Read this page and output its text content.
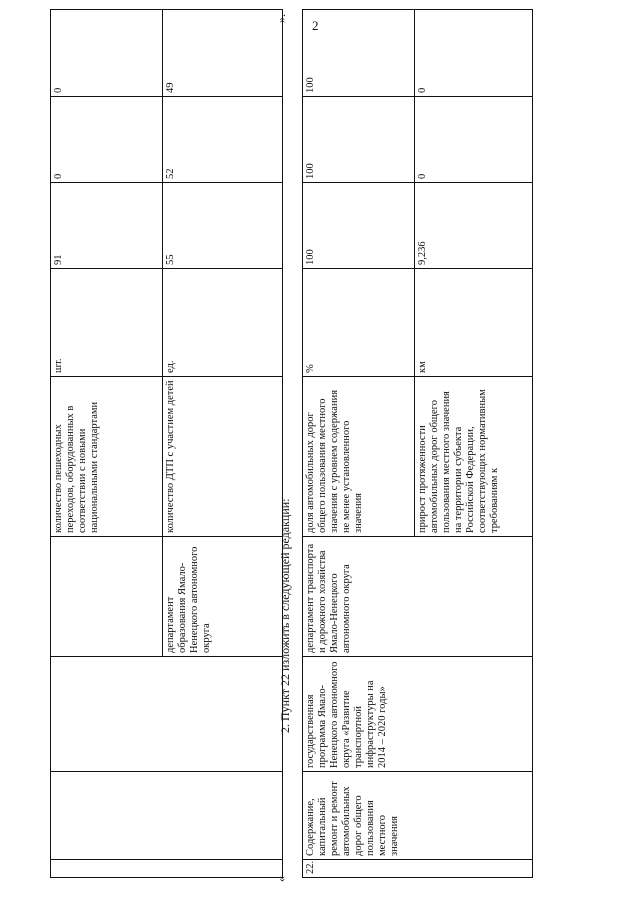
2
				количество пешеходных переходов, оборудованных в соответствии с новыми национальными стандартами	шт.	91	0	0
			департамент образования Ямало-Ненецкого автономного округа	количество ДТП с участием детей	ед.	55	52	49
«
2. Пункт 22 изложить в следующей редакции:
».
22.	Содержание, капитальный ремонт и ремонт автомобильных дорог общего пользования местного значения	государственная программа Ямало-Ненецкого автономного округа «Развитие транспортной инфраструктуры на 2014 – 2020 годы»	департамент транспорта и дорожного хозяйства Ямало-Ненецкого автономного округа	доля автомобильных дорог общего пользования местного значения с уровнем содержания не менее установленного значения	%	100	100	100
				прирост протяженности автомобильных дорог общего пользования местного значения на территории субъекта Российской Федерации, соответствующих нормативным требованиям к	км	9,236	0	0
